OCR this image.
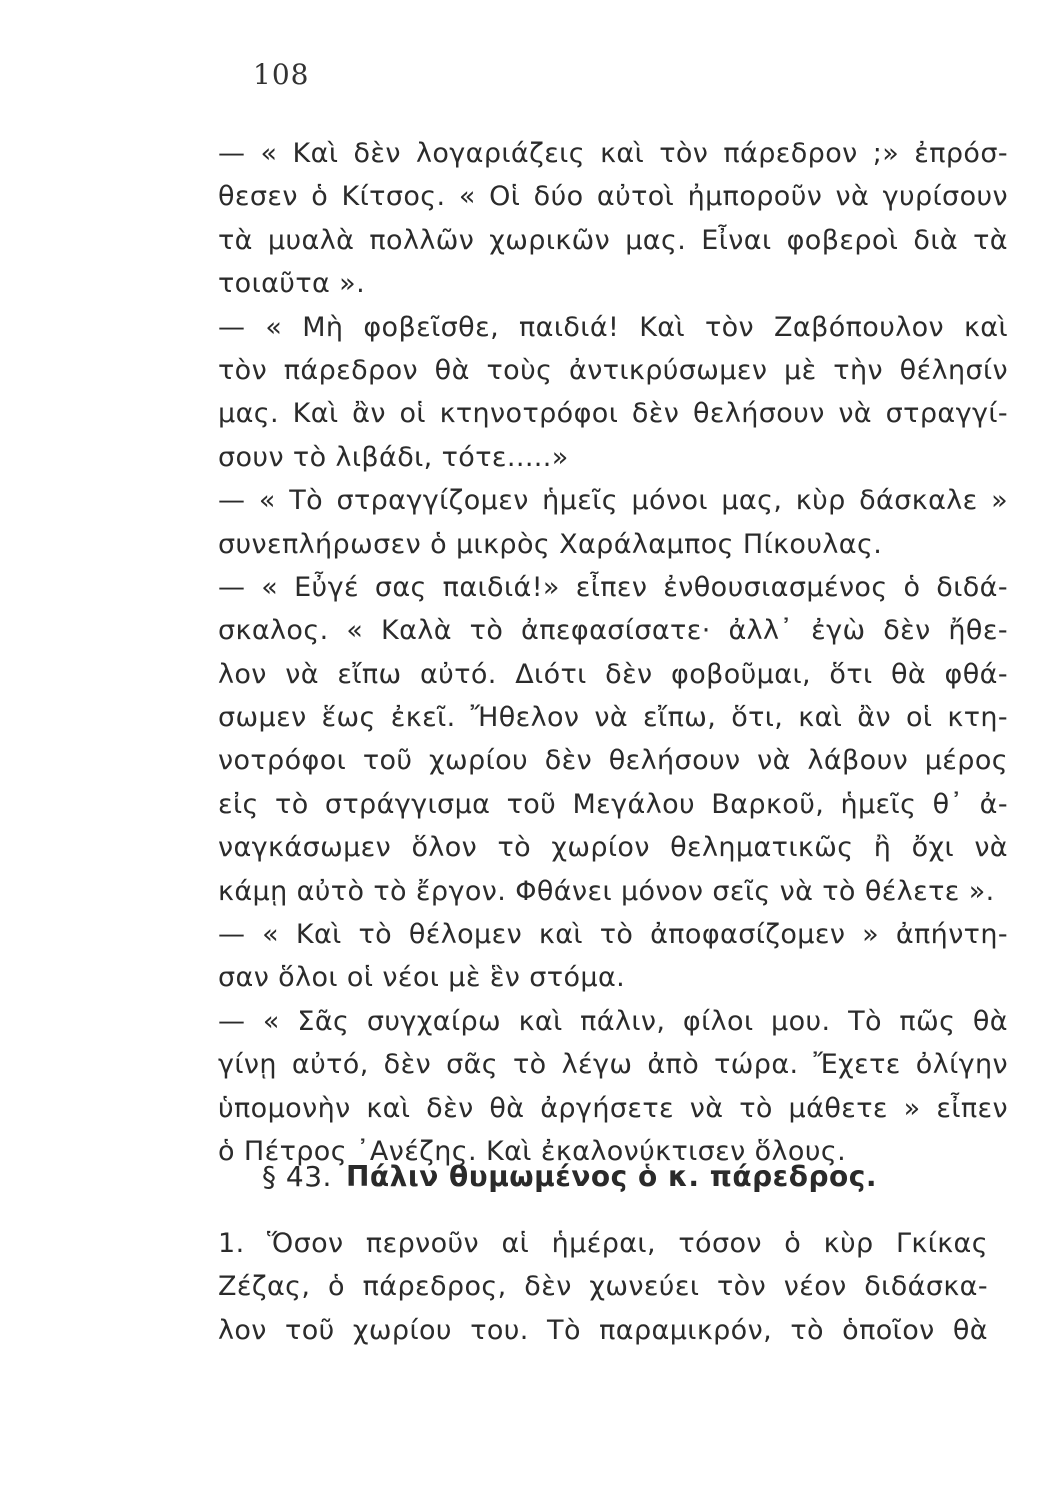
108
— « Καὶ δὲν λογαριάζεις καὶ τὸν πάρεδρον ;» ἐπρόσ-
θεσεν ὁ Κίτσος. « Οἱ δύο αὐτοὶ ἠμποροῦν νὰ γυρίσουν
τὰ μυαλὰ πολλῶν χωρικῶν μας. Εἶναι φοβεροὶ διὰ τὰ
τοιαῦτα ».
— « Μὴ φοβεῖσθε, παιδιά! Καὶ τὸν Ζαβόπουλον καὶ
τὸν πάρεδρον θὰ τοὺς ἀντικρύσωμεν μὲ τὴν θέλησίν
μας. Καὶ ἂν οἱ κτηνοτρόφοι δὲν θελήσουν νὰ στραγγί-
σουν τὸ λιβάδι, τότε.....»
— « Τὸ στραγγίζομεν ἡμεῖς μόνοι μας, κὺρ δάσκαλε »
συνεπλήρωσεν ὁ μικρὸς Χαράλαμπος Πίκουλας.
— « Εὖγέ σας παιδιά!» εἶπεν ἐνθουσιασμένος ὁ διδά-
σκαλος. « Καλὰ τὸ ἀπεφασίσατε· ἀλλ᾽ ἐγὼ δὲν ἤθε-
λον νὰ εἴπω αὐτό. Διότι δὲν φοβοῦμαι, ὅτι θὰ φθά-
σωμεν ἕως ἐκεῖ. Ἤθελον νὰ εἴπω, ὅτι, καὶ ἂν οἱ κτη-
νοτρόφοι τοῦ χωρίου δὲν θελήσουν νὰ λάβουν μέρος
εἰς τὸ στράγγισμα τοῦ Μεγάλου Βαρκοῦ, ἡμεῖς θ᾽ ἀ-
ναγκάσωμεν ὅλον τὸ χωρίον θεληματικῶς ἢ ὄχι νὰ
κάμῃ αὐτὸ τὸ ἔργον. Φθάνει μόνον σεῖς νὰ τὸ θέλετε ».
— « Καὶ τὸ θέλομεν καὶ τὸ ἀποφασίζομεν » ἀπήντη-
σαν ὅλοι οἱ νέοι μὲ ἓν στόμα.
— « Σᾶς συγχαίρω καὶ πάλιν, φίλοι μου. Τὸ πῶς θὰ
γίνῃ αὐτό, δὲν σᾶς τὸ λέγω ἀπὸ τώρα. Ἔχετε ὀλίγην
ὑπομονὴν καὶ δὲν θὰ ἀργήσετε νὰ τὸ μάθετε » εἶπεν
ὁ Πέτρος ᾿Ανέζης. Καὶ ἐκαλονύκτισεν ὅλους.
§ 43. Πάλιν θυμωμένος ὁ κ. πάρεδρος.
1. Ὅσον περνοῦν αἱ ἡμέραι, τόσον ὁ κὺρ Γκίκας
Ζέζας, ὁ πάρεδρος, δὲν χωνεύει τὸν νέον διδάσκα-
λον τοῦ χωρίου του. Τὸ παραμικρόν, τὸ ὁποῖον θὰ
